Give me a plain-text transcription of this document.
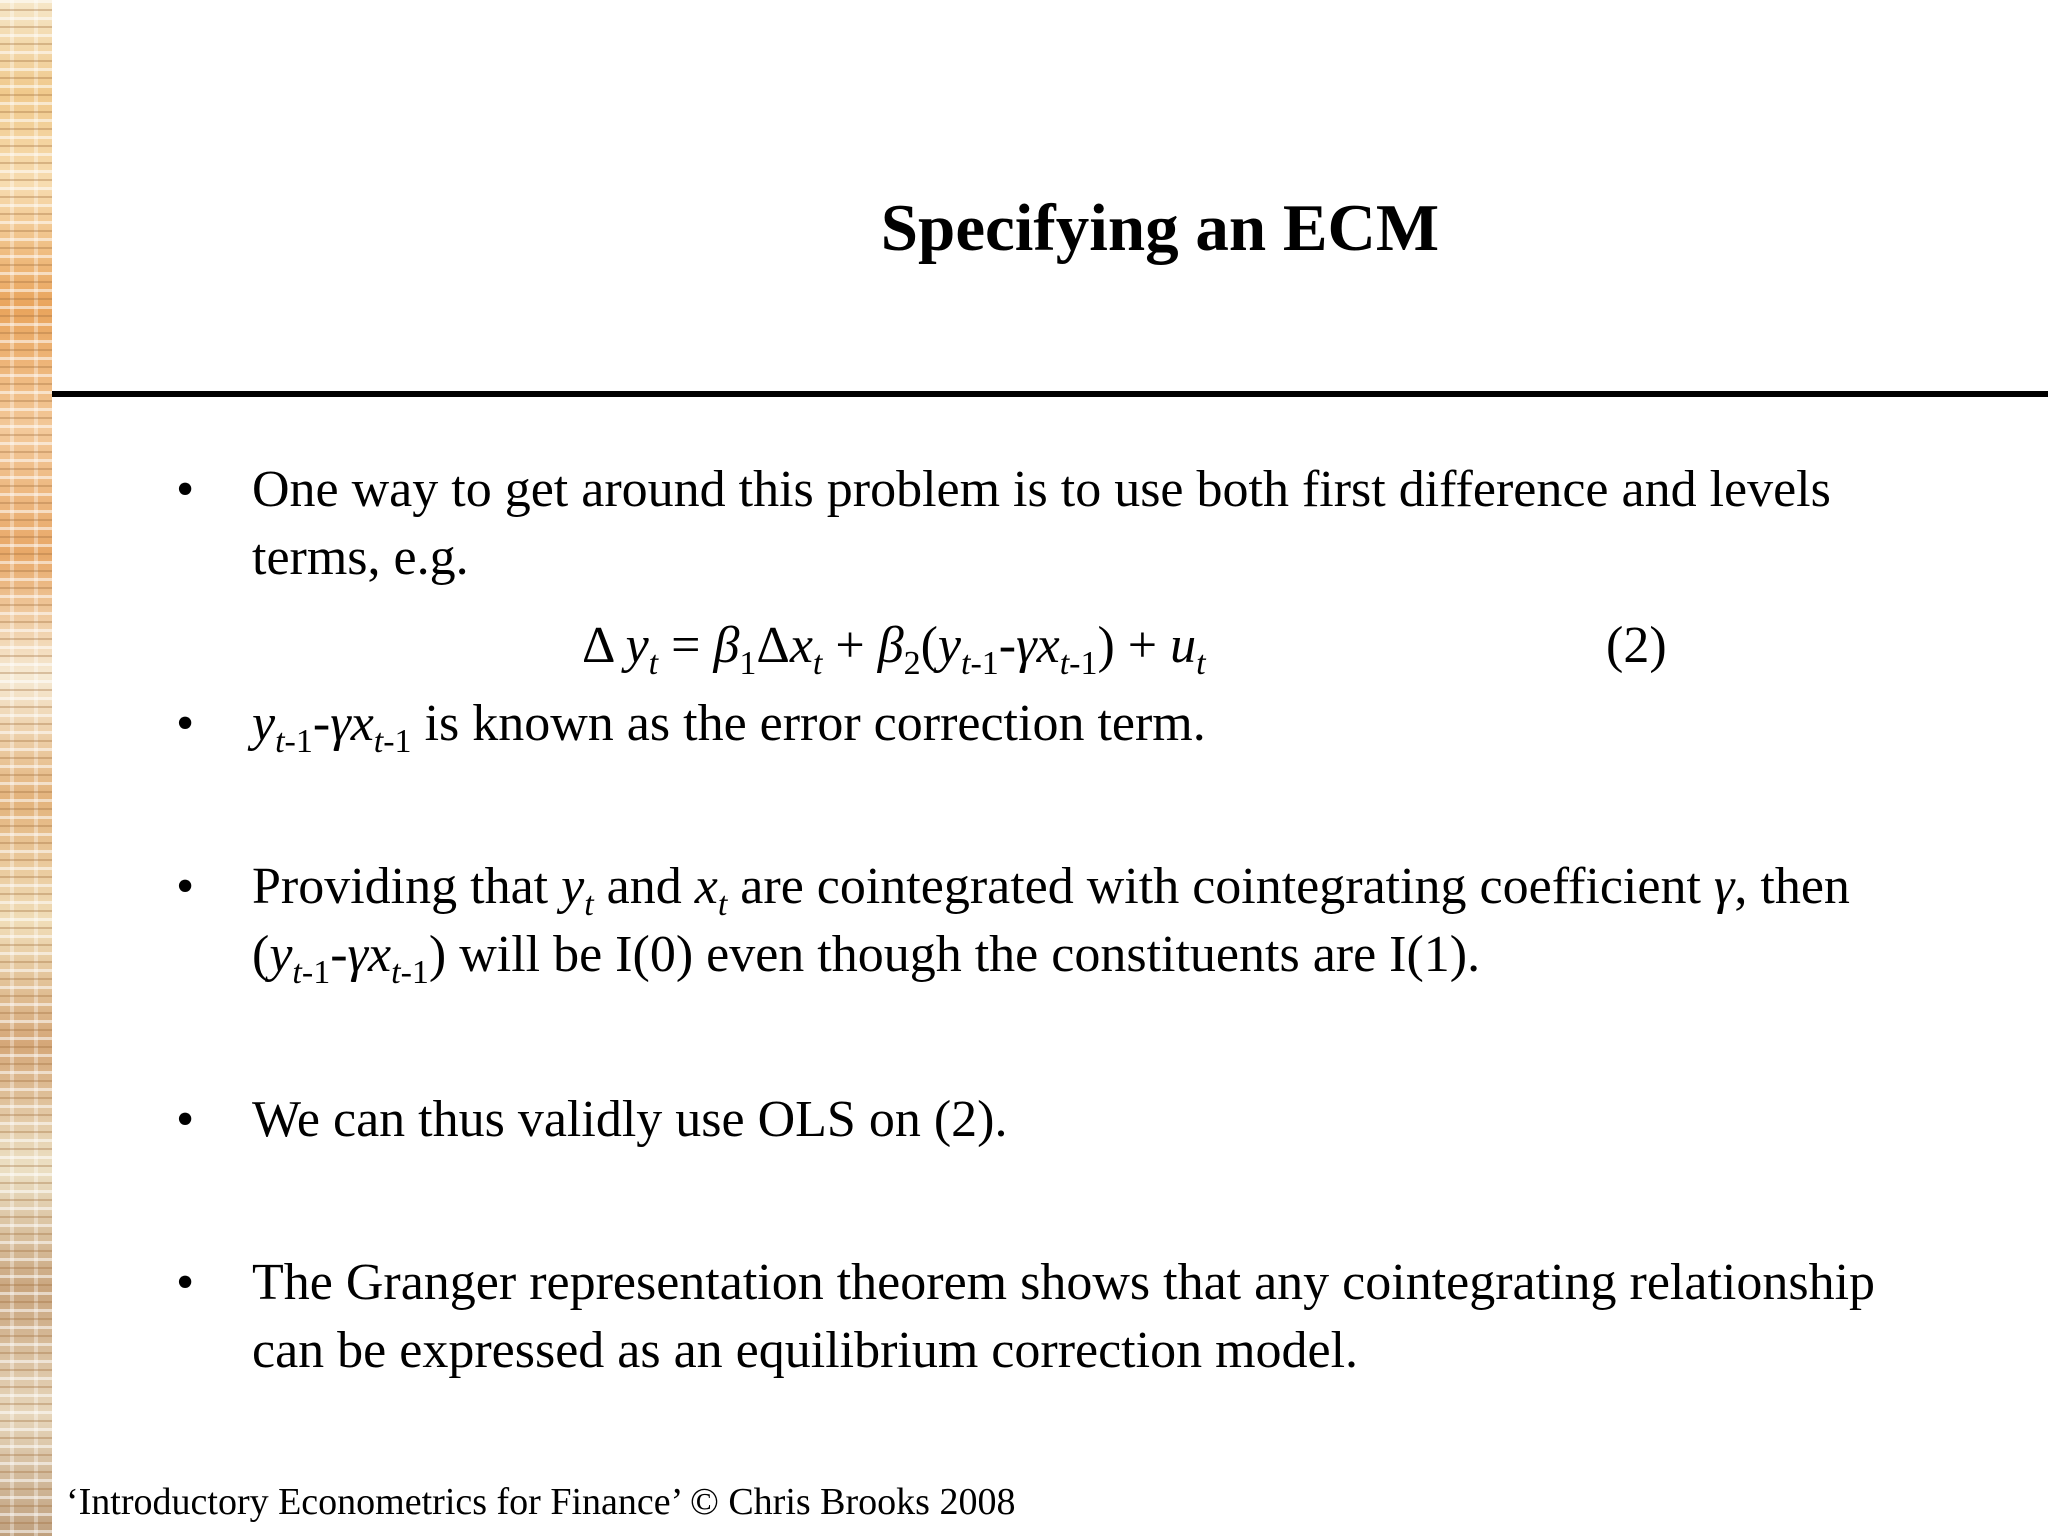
Specifying an ECM
• One way to get around this problem is to use both first difference and levels terms, e.g.
Δ $y_t = \beta_1\Delta x_t + \beta_2(y_{t-1}-\gamma x_{t-1}) + u_t$	(2)
• $y_{t-1}-\gamma x_{t-1}$ is known as the error correction term.
• Providing that $y_t$ and $x_t$ are cointegrated with cointegrating coefficient γ, then $(y_{t-1}-\gamma x_{t-1})$ will be I(0) even though the constituents are I(1).
• We can thus validly use OLS on (2).
• The Granger representation theorem shows that any cointegrating relationship can be expressed as an equilibrium correction model.
‘Introductory Econometrics for Finance’ © Chris Brooks 2008
